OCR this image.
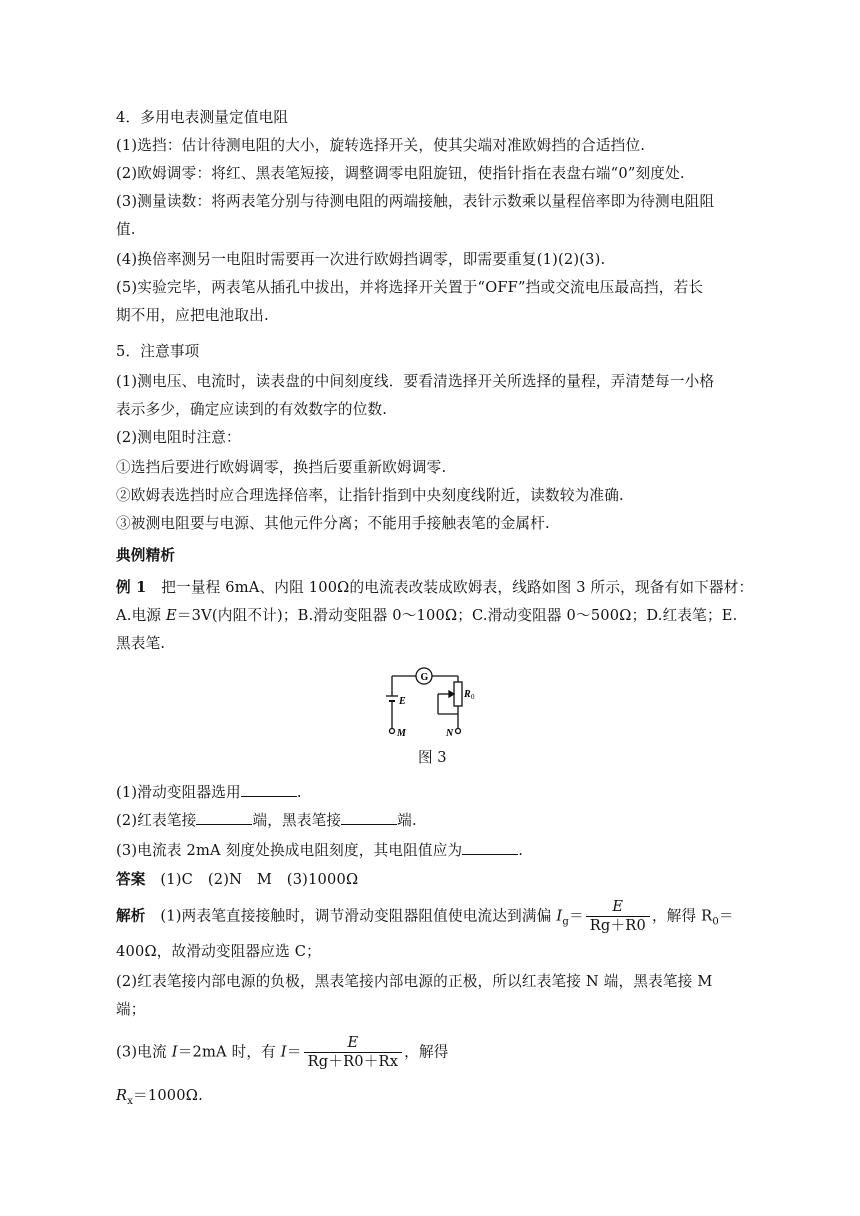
4．多用电表测量定值电阻
(1)选挡：估计待测电阻的大小，旋转选择开关，使其尖端对准欧姆挡的合适挡位.
(2)欧姆调零：将红、黑表笔短接，调整调零电阻旋钮，使指针指在表盘右端“0”刻度处.
(3)测量读数：将两表笔分别与待测电阻的两端接触，表针示数乘以量程倍率即为待测电阻阻
值.
(4)换倍率测另一电阻时需要再一次进行欧姆挡调零，即需要重复(1)(2)(3).
(5)实验完毕，两表笔从插孔中拔出，并将选择开关置于“OFF”挡或交流电压最高挡，若长
期不用，应把电池取出.
5．注意事项
(1)测电压、电流时，读表盘的中间刻度线．要看清选择开关所选择的量程，弄清楚每一小格
表示多少，确定应读到的有效数字的位数.
(2)测电阻时注意：
①选挡后要进行欧姆调零，换挡后要重新欧姆调零.
②欧姆表选挡时应合理选择倍率，让指针指到中央刻度线附近，读数较为准确.
③被测电阻要与电源、其他元件分离；不能用手接触表笔的金属杆.
典例精析
例 1　 把一量程 6mA、内阻 100Ω的电流表改装成欧姆表，线路如图 3 所示，现备有如下器材：
A.电源 E＝3V(内阻不计)；B.滑动变阻器 0～100Ω；C.滑动变阻器 0～500Ω；D.红表笔；E.
黑表笔.
G
E
R 0
M	N
图 3
(1)滑动变阻器选用	.
(2)红表笔接	端，黑表笔接	端.
(3)电流表 2mA 刻度处换成电阻刻度，其电阻值应为	.
答案　 (1)C　(2)N　M　(3)1000Ω
解析　 (1)两表笔直接接触时，调节滑动变阻器阻值使电流达到满偏 $I_g= \frac{E}{Rg+R0}$ ，解得 $R_0=$
400Ω，故滑动变阻器应选 C；
(2)红表笔接内部电源的负极，黑表笔接内部电源的正极，所以红表笔接 N 端，黑表笔接 M
端；
(3)电流 I＝2mA 时，有 $I= \frac{E}{Rg+R0+Rx}$ ，解得
$R_x=1000\Omega$.
